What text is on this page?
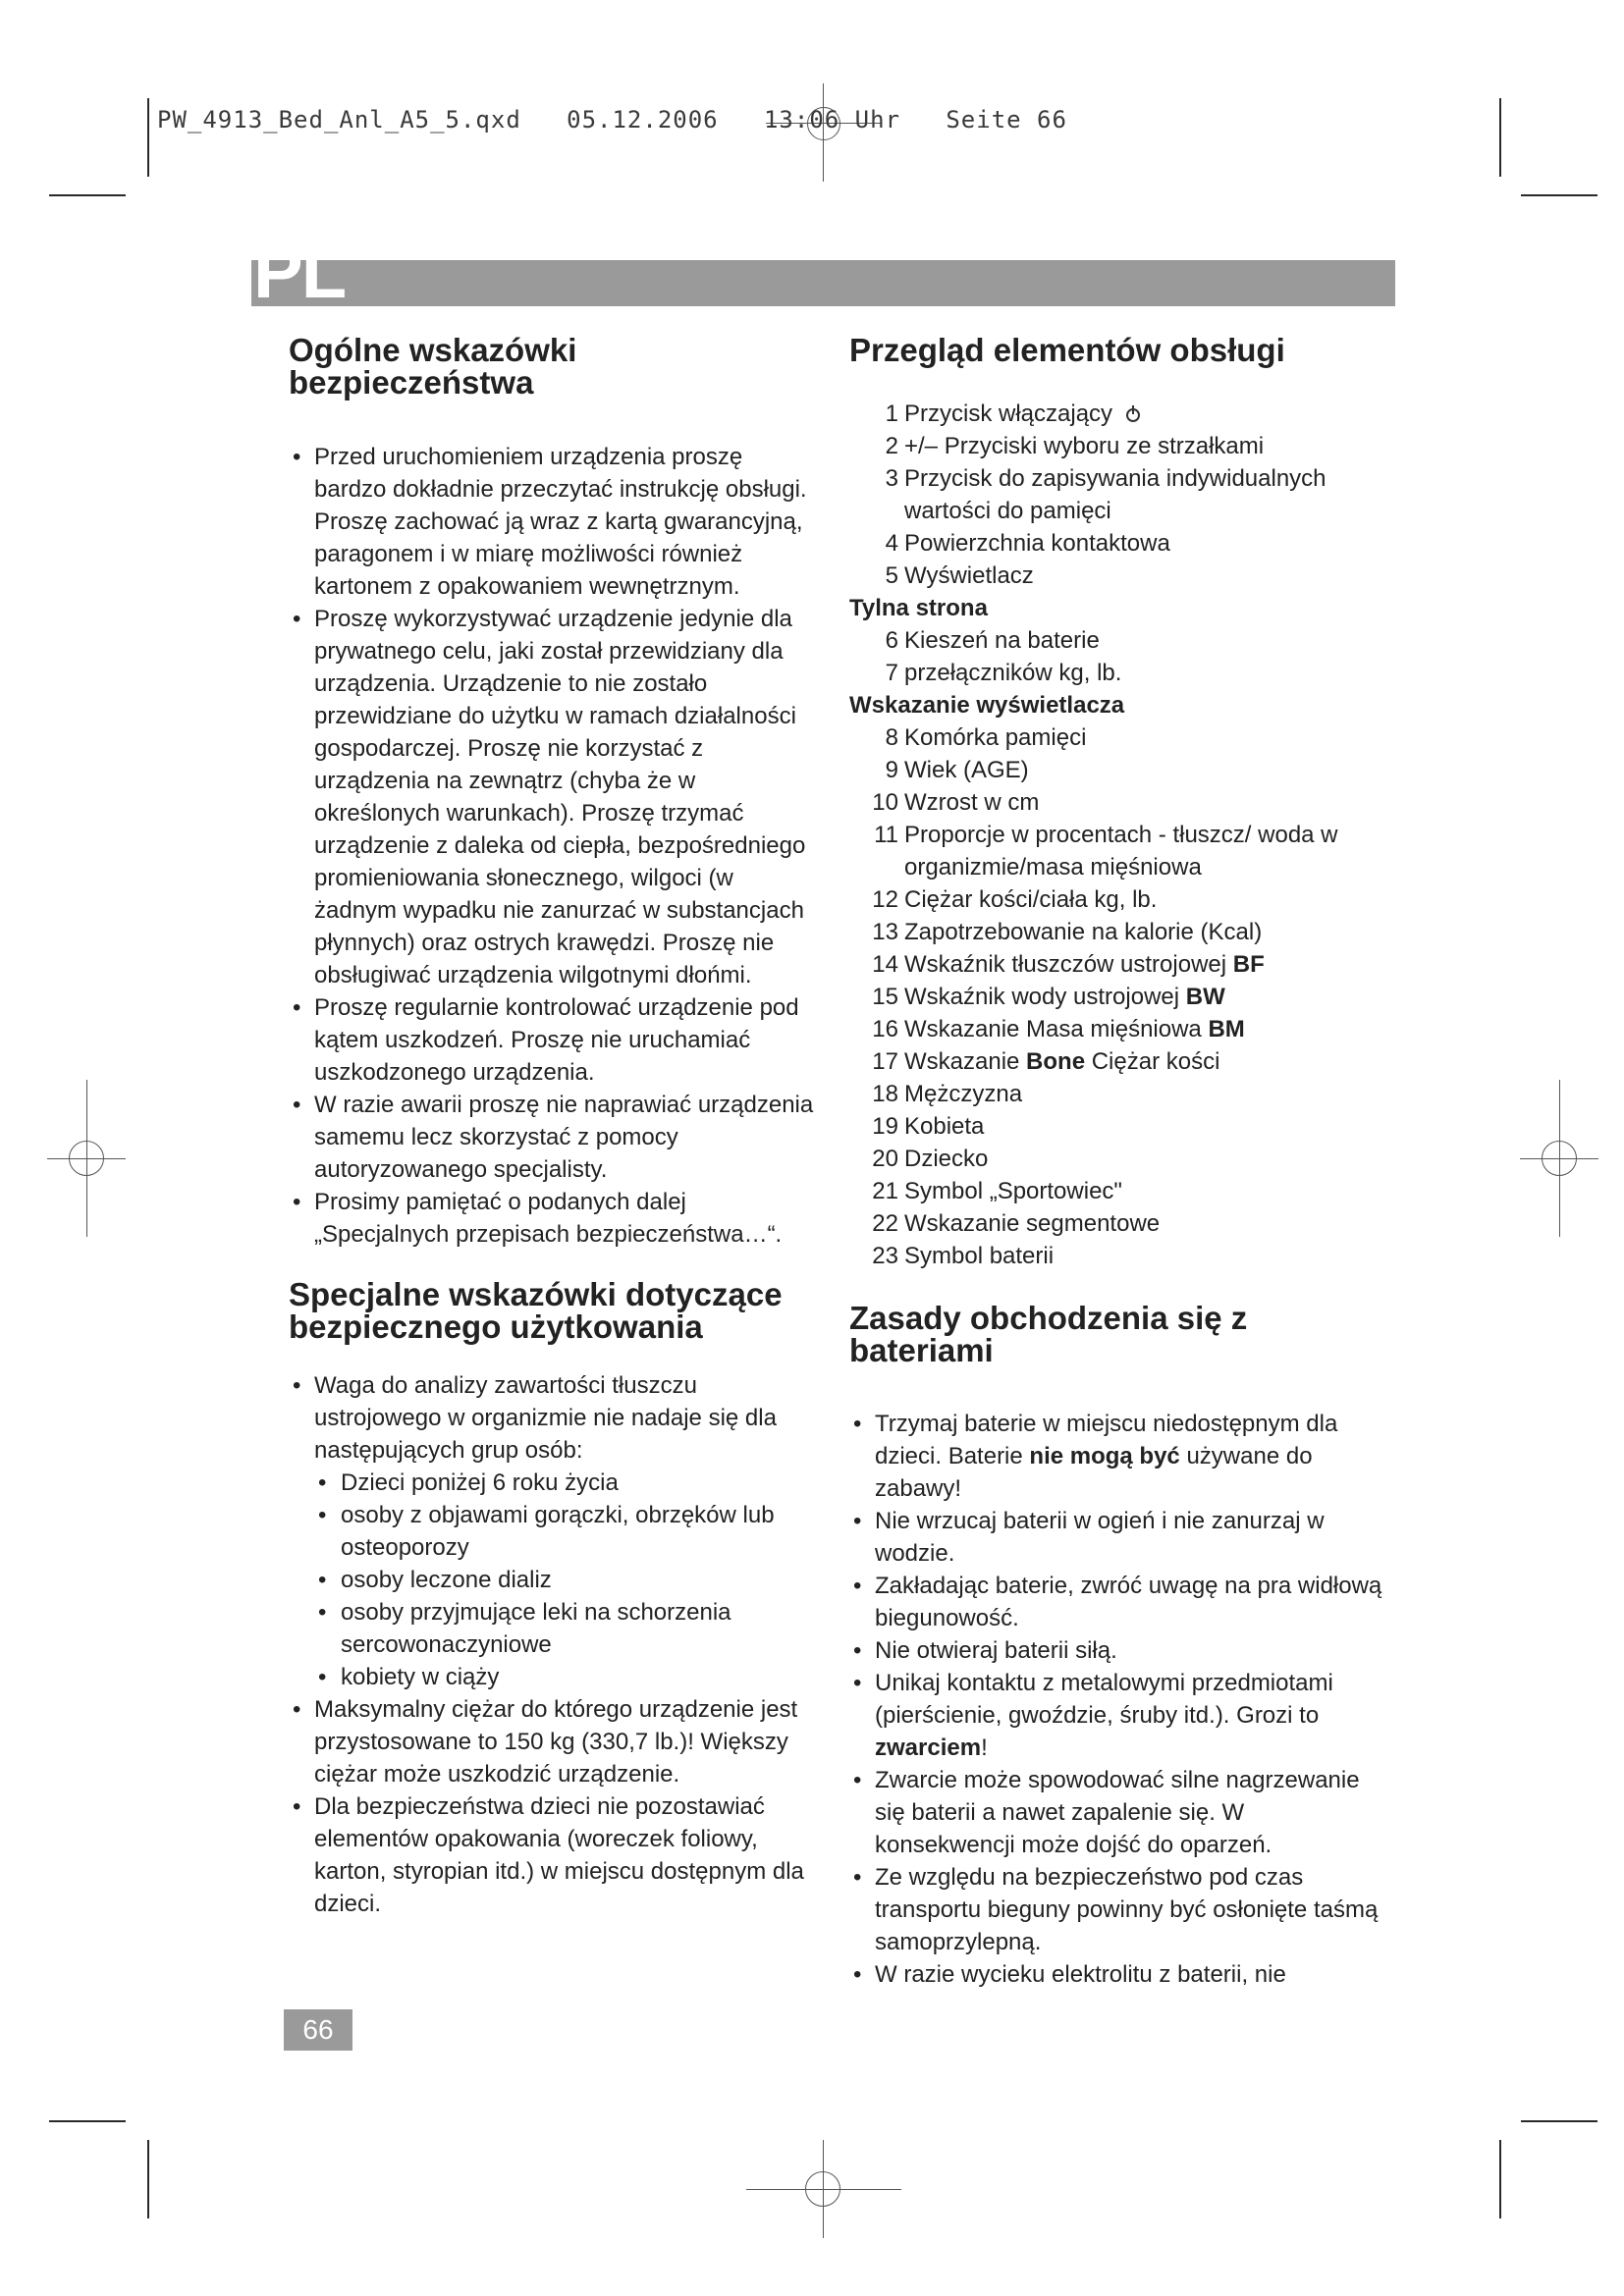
PW_4913_Bed_Anl_A5_5.qxd   05.12.2006   13:06 Uhr   Seite 66
PL
Ogólne wskazówki
bezpieczeństwa
• Przed uruchomieniem urządzenia proszę bardzo dokładnie przeczytać instrukcję obsługi. Proszę zachować ją wraz z kartą gwarancyjną, paragonem i w miarę możliwości również kartonem z opakowaniem wewnętrznym.
• Proszę wykorzystywać urządzenie jedynie dla prywatnego celu, jaki został przewidziany dla urządzenia. Urządzenie to nie zostało przewidziane do użytku w ramach działalności gospodarczej. Proszę nie korzystać z urządzenia na zewnątrz (chyba że w określonych warunkach). Proszę trzymać urządzenie z daleka od ciepła, bezpośredniego promieniowania słonecznego, wilgoci (w żadnym wypadku nie zanurzać w substancjach płynnych) oraz ostrych krawędzi. Proszę nie obsługiwać urządzenia wilgotnymi dłońmi.
• Proszę regularnie kontrolować urządzenie pod kątem uszkodzeń. Proszę nie uruchamiać uszkodzonego urządzenia.
• W razie awarii proszę nie naprawiać urządzenia samemu lecz skorzystać z pomocy autoryzowanego specjalisty.
• Prosimy pamiętać o podanych dalej „Specjalnych przepisach bezpieczeństwa…“.
Specjalne wskazówki dotyczące
bezpiecznego użytkowania
• Waga do analizy zawartości tłuszczu ustrojowego w organizmie nie nadaje się dla następujących grup osób:
• Dzieci poniżej 6 roku życia
• osoby z objawami gorączki, obrzęków lub osteoporozy
• osoby leczone dializ
• osoby przyjmujące leki na schorzenia sercowonaczyniowe
• kobiety w ciąży
• Maksymalny ciężar do którego urządzenie jest przystosowane to 150 kg (330,7 lb.)! Większy ciężar może uszkodzić urządzenie.
• Dla bezpieczeństwa dzieci nie pozostawiać elementów opakowania (woreczek foliowy, karton, styropian itd.) w miejscu dostępnym dla dzieci.
Przegląd elementów obsługi
1 Przycisk włączający
2 +/– Przyciski wyboru ze strzałkami
3 Przycisk do zapisywania indywidualnych wartości do pamięci
4 Powierzchnia kontaktowa
5 Wyświetlacz
Tylna strona
6 Kieszeń na baterie
7 przełączników kg, lb.
Wskazanie wyświetlacza
8 Komórka pamięci
9 Wiek (AGE)
10 Wzrost w cm
11 Proporcje w procentach - tłuszcz/ woda w organizmie/masa mięśniowa
12 Ciężar kości/ciała kg, lb.
13 Zapotrzebowanie na kalorie (Kcal)
14 Wskaźnik tłuszczów ustrojowej BF
15 Wskaźnik wody ustrojowej BW
16 Wskazanie Masa mięśniowa BM
17 Wskazanie Bone Ciężar kości
18 Mężczyzna
19 Kobieta
20 Dziecko
21 Symbol „Sportowiec"
22 Wskazanie segmentowe
23 Symbol baterii
Zasady obchodzenia się z
bateriami
• Trzymaj baterie w miejscu niedostępnym dla dzieci. Baterie nie mogą być używane do zabawy!
• Nie wrzucaj baterii w ogień i nie zanurzaj w wodzie.
• Zakładając baterie, zwróć uwagę na pra widłową biegunowość.
• Nie otwieraj baterii siłą.
• Unikaj kontaktu z metalowymi przedmiotami (pierścienie, gwoździe, śruby itd.). Grozi to zwarciem!
• Zwarcie może spowodować silne nagrzewanie się baterii a nawet zapalenie się. W konsekwencji może dojść do oparzeń.
• Ze względu na bezpieczeństwo pod czas transportu bieguny powinny być osłonięte taśmą samoprzylepną.
• W razie wycieku elektrolitu z baterii, nie
66
